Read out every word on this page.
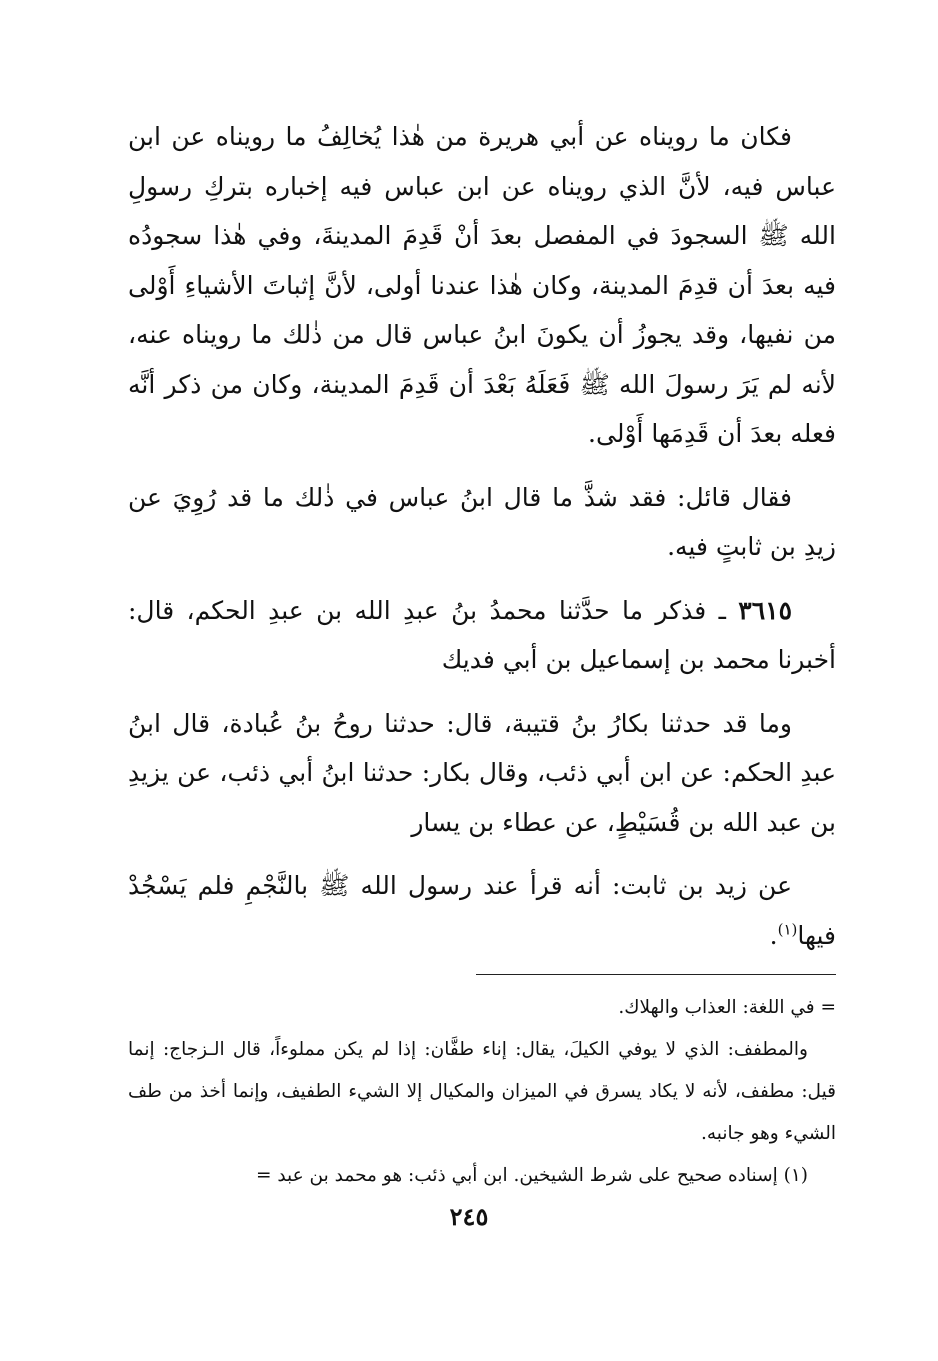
فكان ما رويناه عن أبي هريرة من هٰذا يُخالِفُ ما رويناه عن ابن عباس فيه، لأنَّ الذي رويناه عن ابن عباس فيه إخباره بتركِ رسولِ الله ﷺ السجودَ في المفصل بعدَ أنْ قَدِمَ المدينةَ، وفي هٰذا سجودُه فيه بعدَ أن قدِمَ المدينة، وكان هٰذا عندنا أولى، لأنَّ إثباتَ الأشياءِ أَوْلى من نفيها، وقد يجوزُ أن يكونَ ابنُ عباس قال من ذٰلك ما رويناه عنه، لأنه لم يَرَ رسولَ الله ﷺ فَعَلَهُ بَعْدَ أن قَدِمَ المدينة، وكان من ذكر أنَّه فعله بعدَ أن قَدِمَها أَوْلى.

فقال قائل: فقد شذَّ ما قال ابنُ عباس في ذٰلك ما قد رُوِيَ عن زيدِ بن ثابتٍ فيه.

٣٦١٥ ـ فذكر ما حدَّثنا محمدُ بنُ عبدِ الله بن عبدِ الحكم، قال: أخبرنا محمد بن إسماعيل بن أبي فديك

وما قد حدثنا بكارُ بنُ قتيبة، قال: حدثنا روحُ بنُ عُبادة، قال ابنُ عبدِ الحكم: عن ابن أبي ذئب، وقال بكار: حدثنا ابنُ أبي ذئب، عن يزيدِ بن عبد الله بن قُسَيْطٍ، عن عطاء بن يسار

عن زيد بن ثابت: أنه قرأ عند رسول الله ﷺ بالنَّجْمِ فلم يَسْجُدْ فيها$^{(١)}$.

= في اللغة: العذاب والهلاك.

والمطفف: الذي لا يوفي الكيلَ، يقال: إناء طفَّان: إذا لم يكن مملوءاً، قال الـزجاج: إنما قيل: مطفف، لأنه لا يكاد يسرق في الميزان والمكيال إلا الشيء الطفيف، وإنما أخذ من طف الشيء وهو جانبه.

(١) إسناده صحيح على شرط الشيخين. ابن أبي ذئب: هو محمد بن عبد =

٢٤٥
